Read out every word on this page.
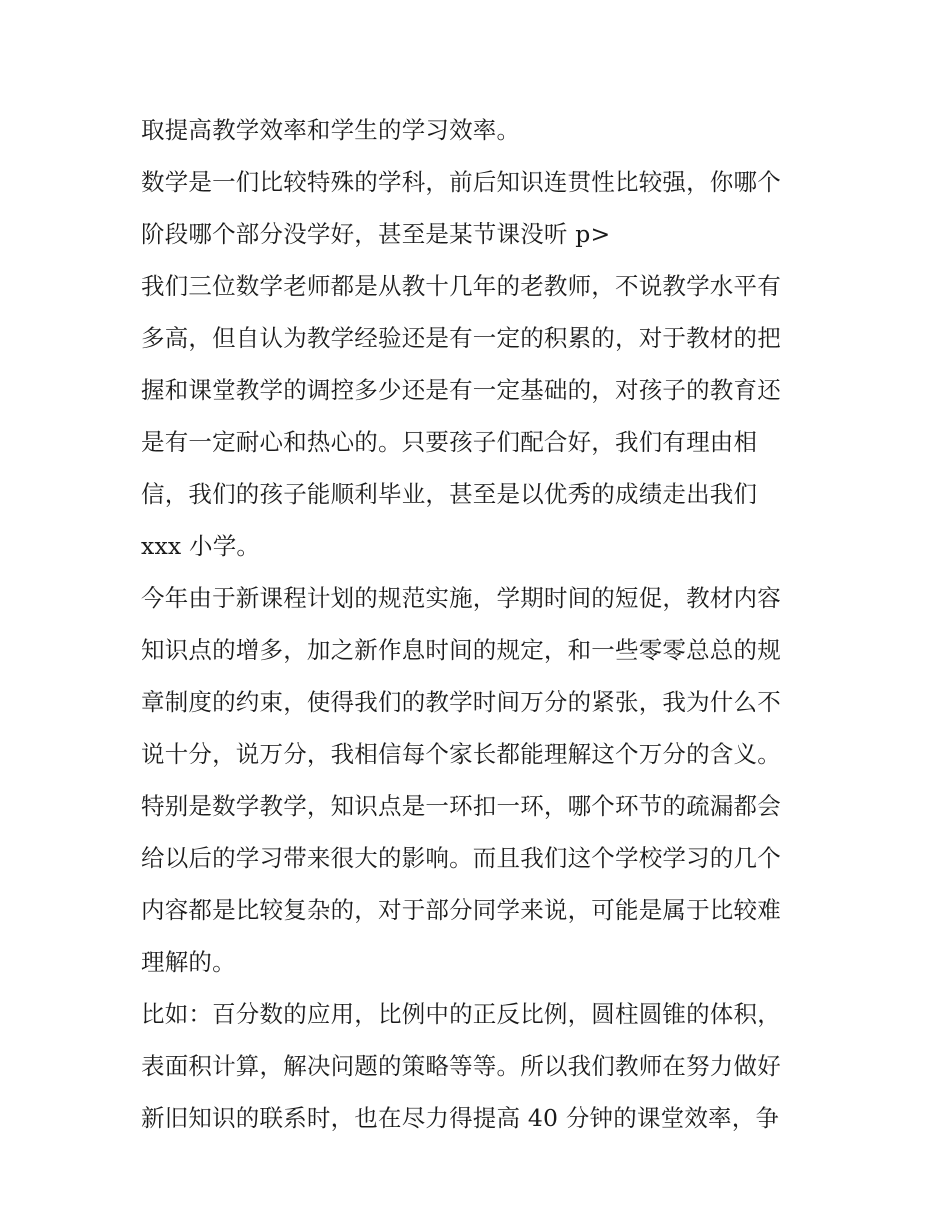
取提高教学效率和学生的学习效率。
数学是一们比较特殊的学科，前后知识连贯性比较强，你哪个
阶段哪个部分没学好，甚至是某节课没听 p>
我们三位数学老师都是从教十几年的老教师，不说教学水平有
多高，但自认为教学经验还是有一定的积累的，对于教材的把
握和课堂教学的调控多少还是有一定基础的，对孩子的教育还
是有一定耐心和热心的。只要孩子们配合好，我们有理由相
信，我们的孩子能顺利毕业，甚至是以优秀的成绩走出我们
xxx 小学。
今年由于新课程计划的规范实施，学期时间的短促，教材内容
知识点的增多，加之新作息时间的规定，和一些零零总总的规
章制度的约束，使得我们的教学时间万分的紧张，我为什么不
说十分，说万分，我相信每个家长都能理解这个万分的含义。
特别是数学教学，知识点是一环扣一环，哪个环节的疏漏都会
给以后的学习带来很大的影响。而且我们这个学校学习的几个
内容都是比较复杂的，对于部分同学来说，可能是属于比较难
理解的。
比如：百分数的应用，比例中的正反比例，圆柱圆锥的体积，
表面积计算，解决问题的策略等等。所以我们教师在努力做好
新旧知识的联系时，也在尽力得提高 40 分钟的课堂效率，争
